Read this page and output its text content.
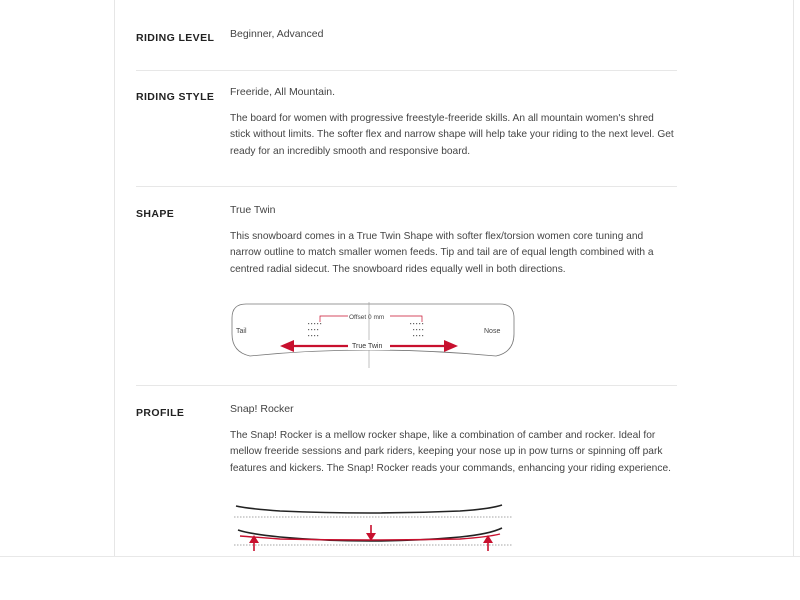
RIDING LEVEL Beginner, Advanced
RIDING STYLE Freeride, All Mountain.
The board for women with progressive freestyle-freeride skills. An all mountain women's shred stick without limits. The softer flex and narrow shape will help take your riding to the next level. Get ready for an incredibly smooth and responsive board.
SHAPE	True Twin
This snowboard comes in a True Twin Shape with softer flex/torsion women core tuning and narrow outline to match smaller women feeds. Tip and tail are of equal length combined with a centred radial sidecut. The snowboard rides equally well in both directions.
Tail	Nose
Offset 0 mm
True Twin
PROFILE	Snap! Rocker
The Snap! Rocker is a mellow rocker shape, like a combination of camber and rocker. Ideal for mellow freeride sessions and park riders, keeping your nose up in pow turns or spinning off park features and kickers. The Snap! Rocker reads your commands, enhancing your riding experience.
